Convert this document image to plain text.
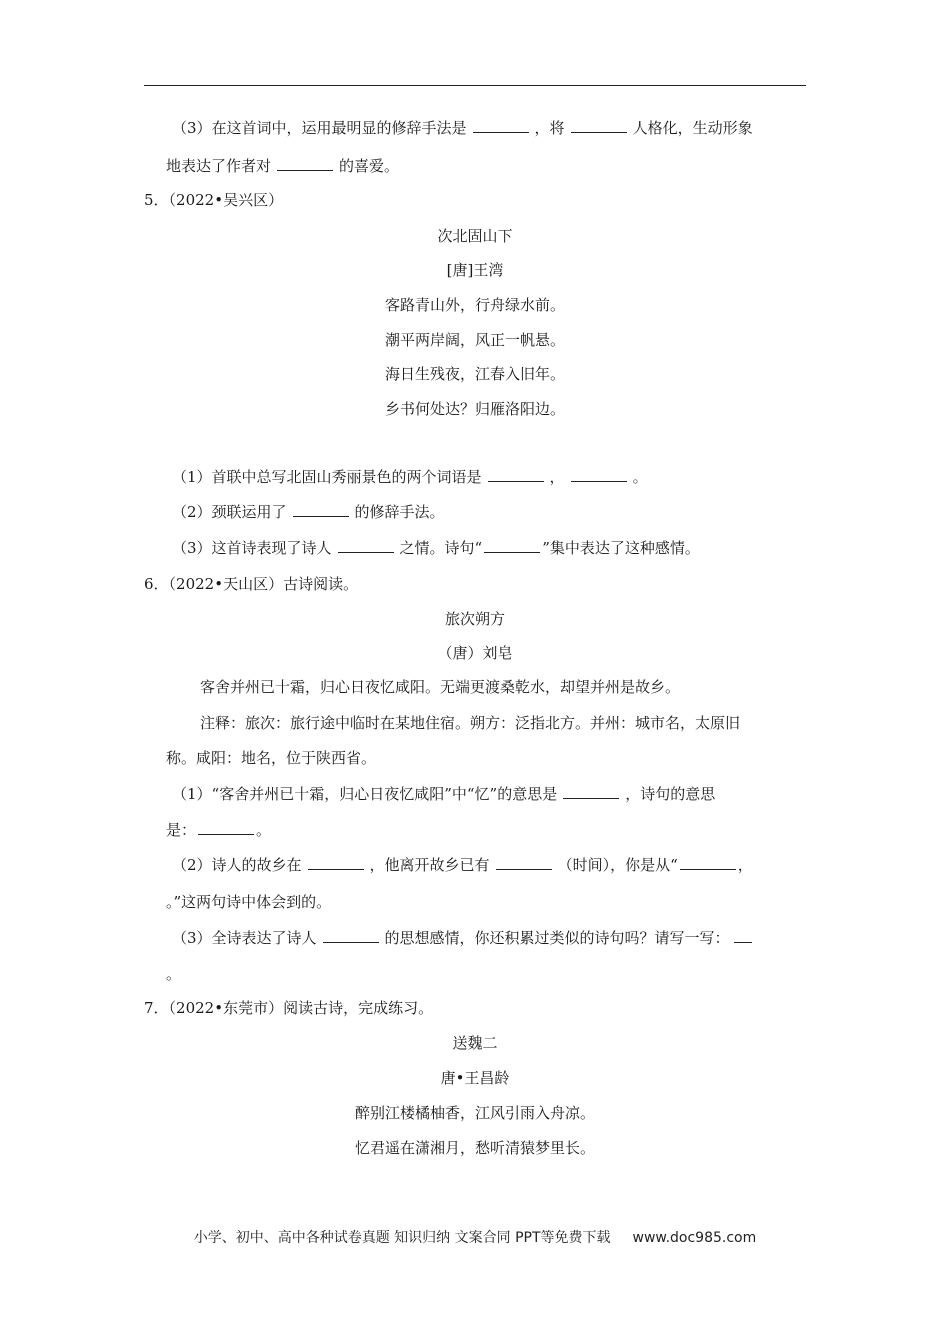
（3）在这首词中，运用最明显的修辞手法是	，将	人格化，生动形象
地表达了作者对	的喜爱。
5．（2022•吴兴区）
次北固山下
[唐]王湾
客路青山外，行舟绿水前。
潮平两岸阔，风正一帆悬。
海日生残夜，江春入旧年。
乡书何处达？归雁洛阳边。
（1）首联中总写北固山秀丽景色的两个词语是	，	。
（2）颈联运用了	的修辞手法。
（3）这首诗表现了诗人	之情。诗句“	”集中表达了这种感情。
6．（2022•天山区）古诗阅读。
旅次朔方
（唐）刘皂
客舍并州已十霜，归心日夜忆咸阳。无端更渡桑乾水，却望并州是故乡。
注释：旅次：旅行途中临时在某地住宿。朔方：泛指北方。并州：城市名，太原旧
称。咸阳：地名，位于陕西省。
（1）“客舍并州已十霜，归心日夜忆咸阳”中“忆”的意思是	，诗句的意思
是：	。
（2）诗人的故乡在	，他离开故乡已有	（时间），你是从“	，
。”这两句诗中体会到的。
（3）全诗表达了诗人	的思想感情，你还积累过类似的诗句吗？请写一写：
。
7．（2022•东莞市）阅读古诗，完成练习。
送魏二
唐•王昌龄
醉别江楼橘柚香，江风引雨入舟凉。
忆君遥在潇湘月，愁听清猿梦里长。
小学、初中、高中各种试卷真题 知识归纳 文案合同 PPT等免费下载 www.doc985.com
